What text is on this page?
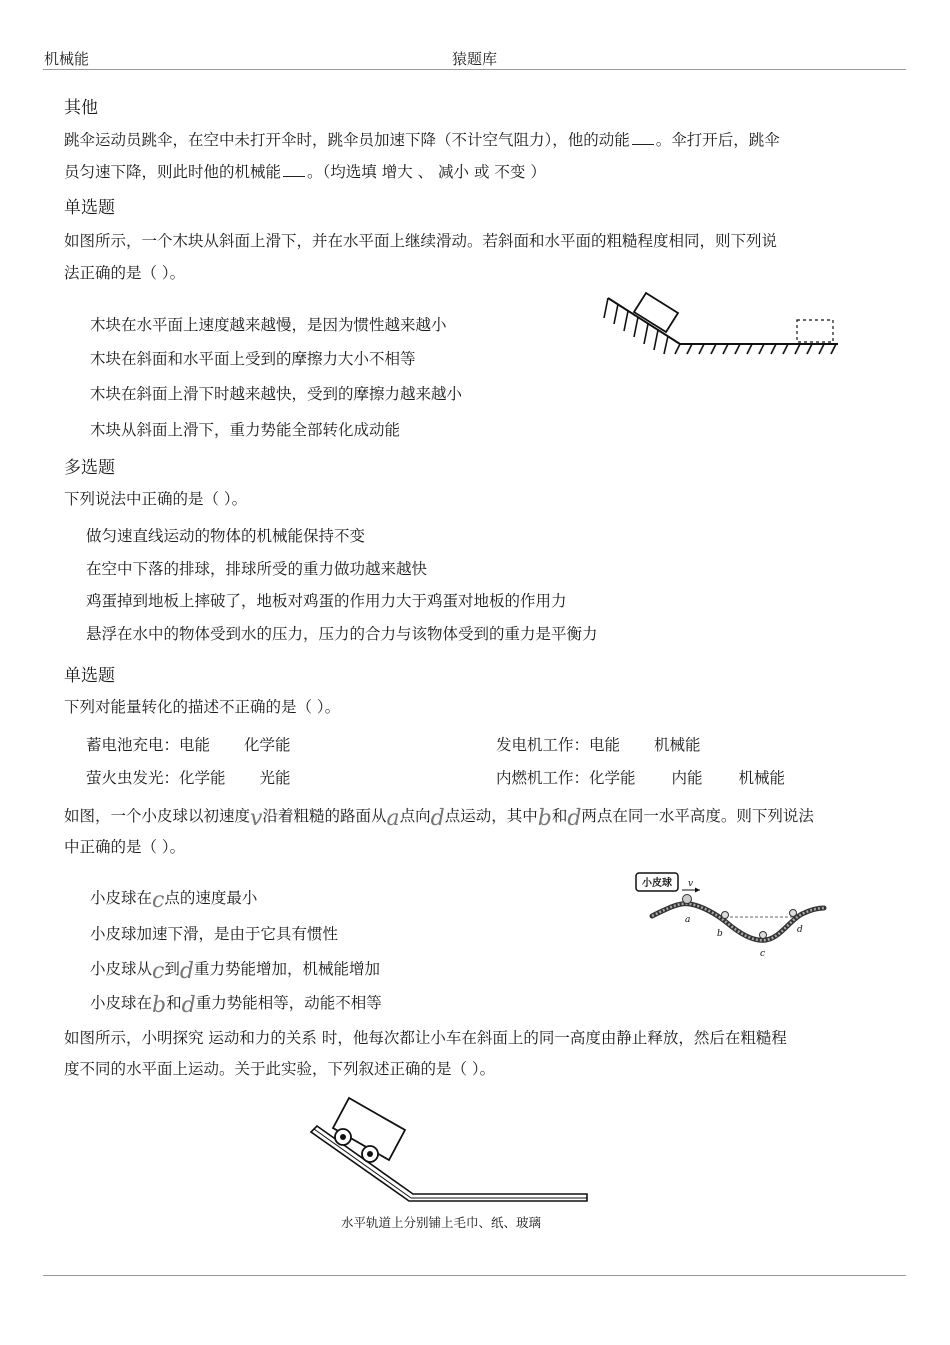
机械能	猿题库
其他
跳伞运动员跳伞，在空中未打开伞时，跳伞员加速下降（不计空气阻力），他的动能 。伞打开后，跳伞
员匀速下降，则此时他的机械能 。（均选填 增大 、 减小 或 不变 ）
单选题
如图所示，一个木块从斜面上滑下，并在水平面上继续滑动。若斜面和水平面的粗糙程度相同，则下列说
法正确的是（ ）。
木块在水平面上速度越来越慢，是因为惯性越来越小
木块在斜面和水平面上受到的摩擦力大小不相等
木块在斜面上滑下时越来越快，受到的摩擦力越来越小
木块从斜面上滑下，重力势能全部转化成动能
多选题
下列说法中正确的是（ ）。
做匀速直线运动的物体的机械能保持不变
在空中下落的排球，排球所受的重力做功越来越快
鸡蛋掉到地板上摔破了，地板对鸡蛋的作用力大于鸡蛋对地板的作用力
悬浮在水中的物体受到水的压力，压力的合力与该物体受到的重力是平衡力
单选题
下列对能量转化的描述不正确的是（ ）。
蓄电池充电：电能 化学能	发电机工作：电能 机械能
萤火虫发光：化学能 光能	内燃机工作：化学能 内能 机械能
如图，一个小皮球以初速度v沿着粗糙的路面从a点向d点运动，其中b和d两点在同一水平高度。则下列说法
中正确的是（ ）。
小皮球在c点的速度最小
小皮球加速下滑，是由于它具有惯性
小皮球从c到d重力势能增加，机械能增加
小皮球在b和d重力势能相等，动能不相等
小皮球 v
a
b
c
d
如图所示，小明探究 运动和力的关系 时，他每次都让小车在斜面上的同一高度由静止释放，然后在粗糙程
度不同的水平面上运动。关于此实验，下列叙述正确的是（ ）。
水平轨道上分别铺上毛巾、纸、玻璃
